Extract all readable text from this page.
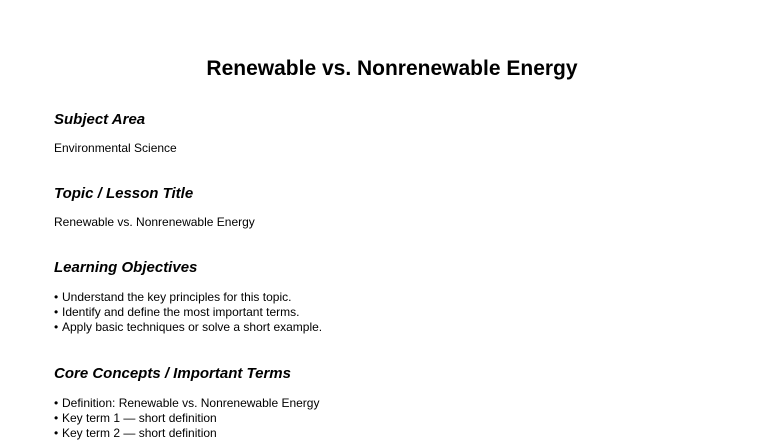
Renewable vs. Nonrenewable Energy
Subject Area

Environmental Science

Topic / Lesson Title

Renewable vs. Nonrenewable Energy

Learning Objectives
• Understand the key principles for this topic.
• Identify and define the most important terms.
• Apply basic techniques or solve a short example.
Core Concepts / Important Terms
• Definition: Renewable vs. Nonrenewable Energy
• Key term 1 — short definition
• Key term 2 — short definition
